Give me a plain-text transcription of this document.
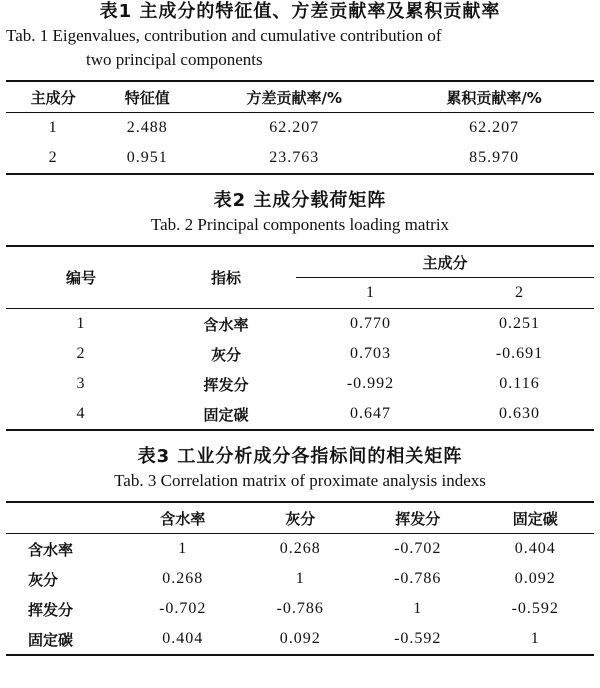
表1 主成分的特征值、方差贡献率及累积贡献率
Tab. 1 Eigenvalues, contribution and cumulative contribution of
two principal components
主成分	特征值	方差贡献率/%	累积贡献率/%
1	2.488	62.207	62.207
2	0.951	23.763	85.970
表2 主成分载荷矩阵
Tab. 2 Principal components loading matrix
编号	指标	主成分	
		1	2
1	含水率	0.770	0.251
2	灰分	0.703	-0.691
3	挥发分	-0.992	0.116
4	固定碳	0.647	0.630
表3 工业分析成分各指标间的相关矩阵
Tab. 3 Correlation matrix of proximate analysis indexs
	含水率	灰分	挥发分	固定碳
含水率	1	0.268	-0.702	0.404
灰分	0.268	1	-0.786	0.092
挥发分	-0.702	-0.786	1	-0.592
固定碳	0.404	0.092	-0.592	1
